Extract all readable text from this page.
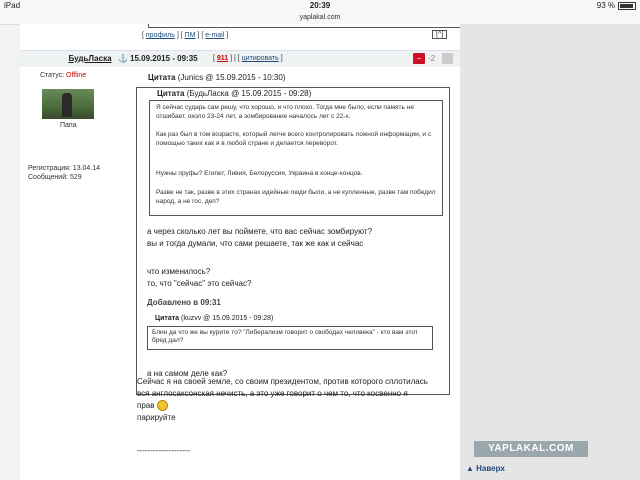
iPad	20:39	93 %
yaplakal.com
[ профиль ] [ ПМ ] [ e-mail ]	[^]
БудьЛаска ⚓ 15.09.2015 - 09:35 [ 911 ] | [ цитировать ]	− -2
Статус: Offline
Папа
Регистрация: 13.04.14
Сообщений: 529
Цитата (Junics @ 15.09.2015 - 10:30)
Цитата (БудьЛаска @ 15.09.2015 - 09:28)

Я сейчас сударь сам решу, что хорошо, и что плохо. Тогда мне было, если память не отшибает, около 23-24 лет, а зомбирование началось лет с 22-х.

Как раз был в том возрасте, который легче всего контролировать ложной информации, и с помощью таких как я в любой стране и делается переворот.

Нужны пруфы? Египет, Ливия, Белоруссия, Украина в конце-концов.

Разве не так, разве в этих странах идейные люди были, а не купленные, разве там победил народ, а не гос. деп?

а через сколько лет вы поймете, что вас сейчас зомбируют?
вы и тогда думали, что сами решаете, так же как и сейчас
что изменилось?
то, что "сейчас" это сейчас?
Добавлено в 09:31
Цитата (kuzvv @ 15.09.2015 - 09:28)

Блин да что же вы курите то? "Либерализм говорит о свободах человека" - кто вам этот бред дал?

а на самом деле как?
Сейчас я на своей земле, со своим президентом, против которого сплотилась
вся англосаксонская нечисть, а это уже говорит о чем то, что косвенно я
прав
парируйте
--------------------	YAPLAKAL.COM
▲ Наверх
